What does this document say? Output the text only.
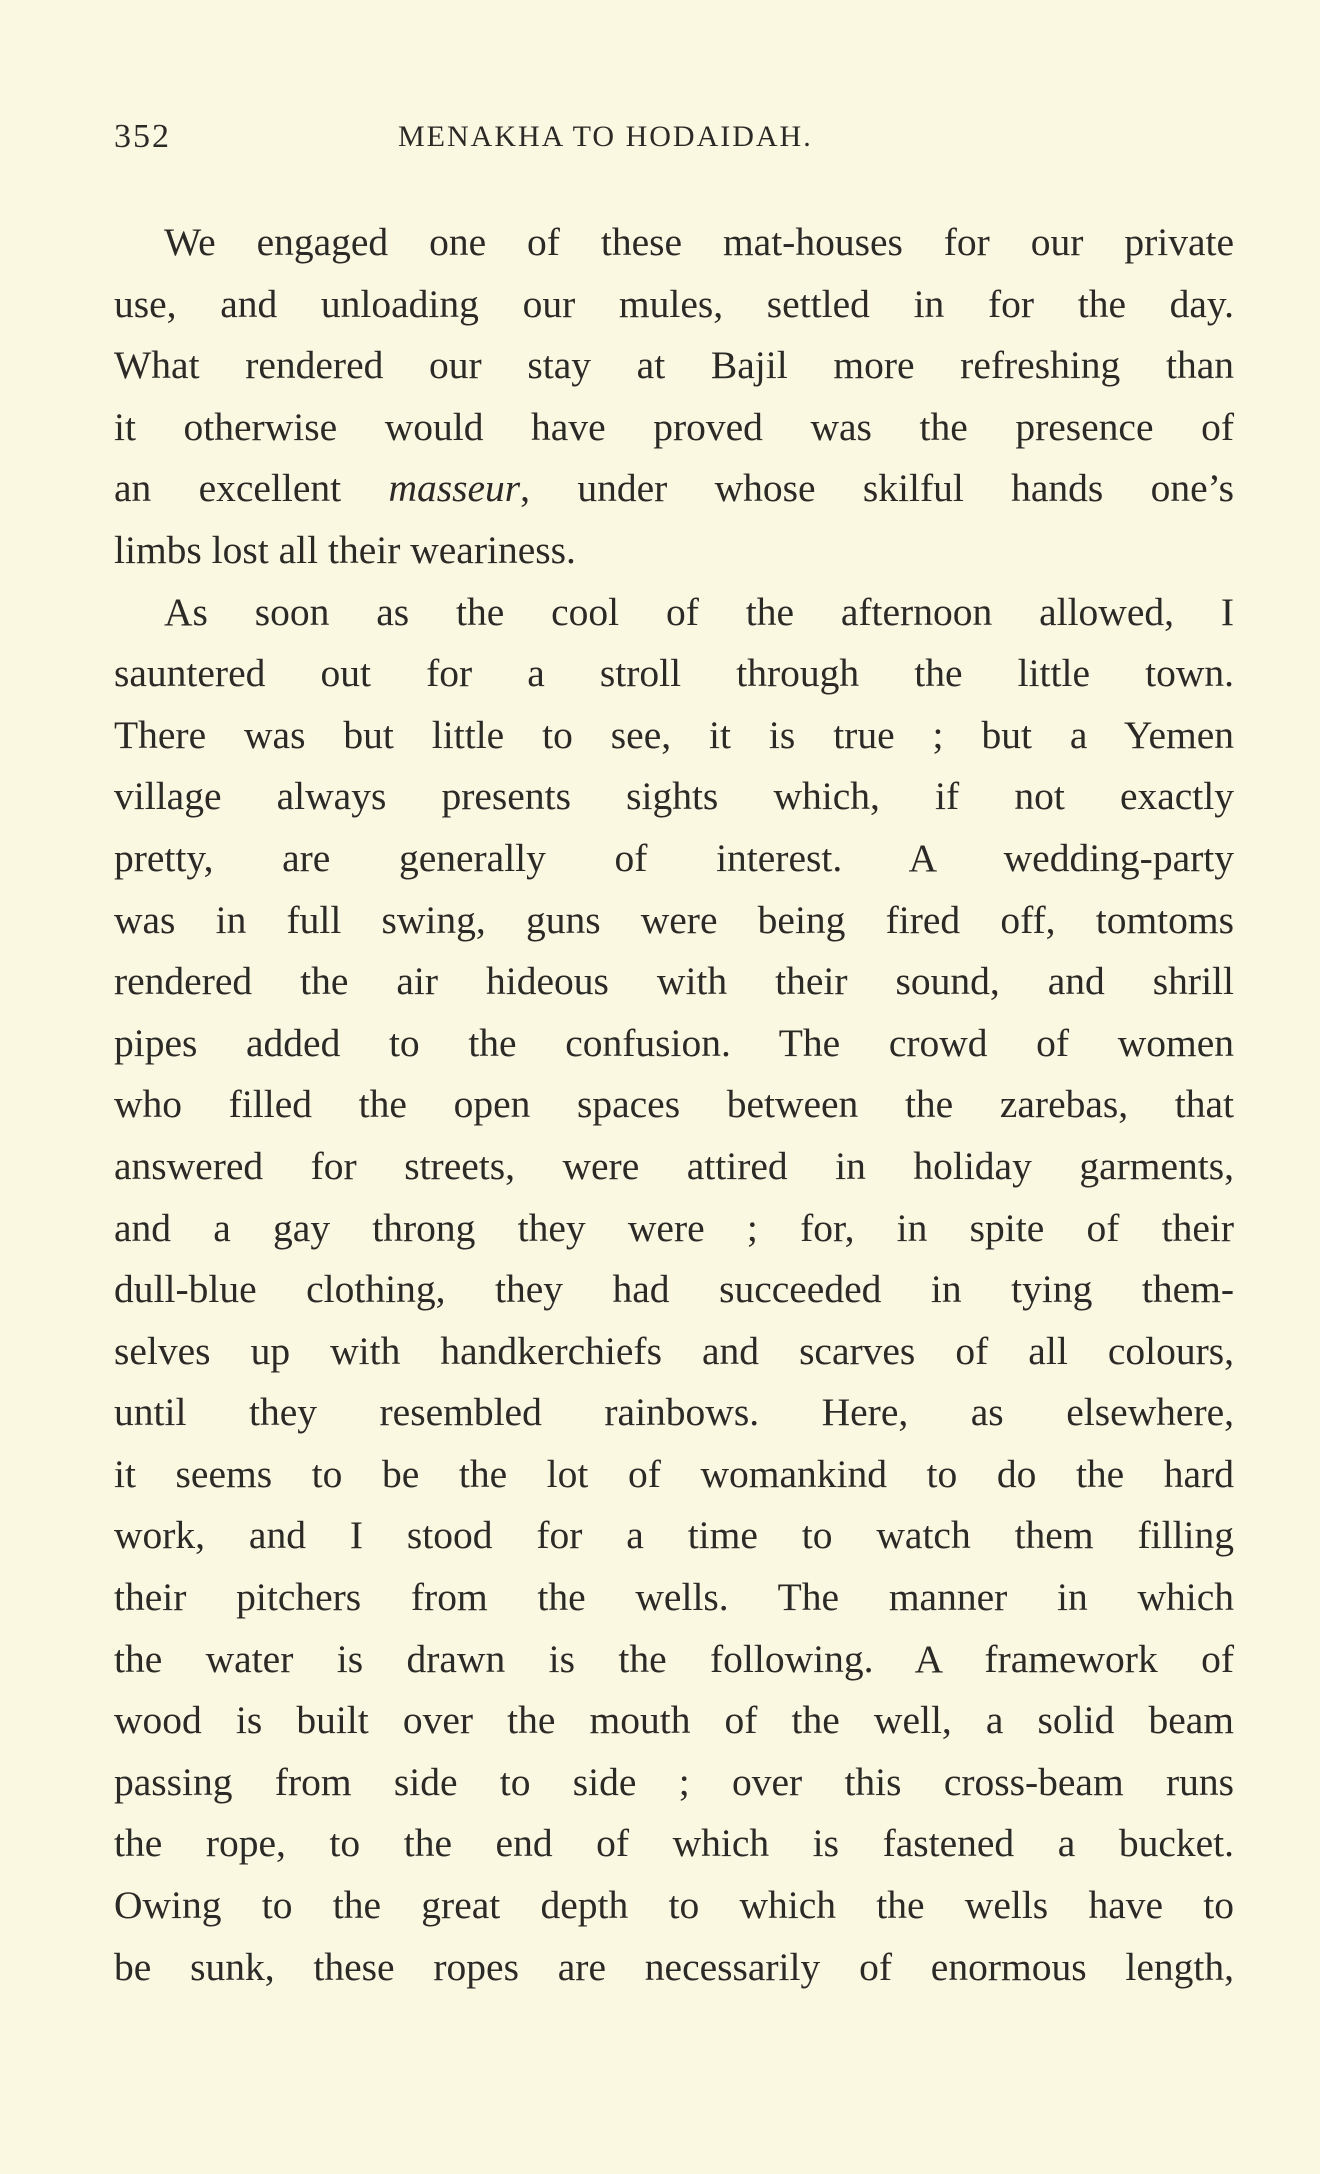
352	MENAKHA TO HODAIDAH.
We engaged one of these mat-houses for our private
use, and unloading our mules, settled in for the day.
What rendered our stay at Bajil more refreshing than
it otherwise would have proved was the presence of
an excellent masseur, under whose skilful hands one’s
limbs lost all their weariness.
As soon as the cool of the afternoon allowed, I
sauntered out for a stroll through the little town.
There was but little to see, it is true ; but a Yemen
village always presents sights which, if not exactly
pretty, are generally of interest. A wedding-party
was in full swing, guns were being fired off, tomtoms
rendered the air hideous with their sound, and shrill
pipes added to the confusion. The crowd of women
who filled the open spaces between the zarebas, that
answered for streets, were attired in holiday garments,
and a gay throng they were ; for, in spite of their
dull-blue clothing, they had succeeded in tying them-
selves up with handkerchiefs and scarves of all colours,
until they resembled rainbows. Here, as elsewhere,
it seems to be the lot of womankind to do the hard
work, and I stood for a time to watch them filling
their pitchers from the wells. The manner in which
the water is drawn is the following. A framework of
wood is built over the mouth of the well, a solid beam
passing from side to side ; over this cross-beam runs
the rope, to the end of which is fastened a bucket.
Owing to the great depth to which the wells have to
be sunk, these ropes are necessarily of enormous length,
